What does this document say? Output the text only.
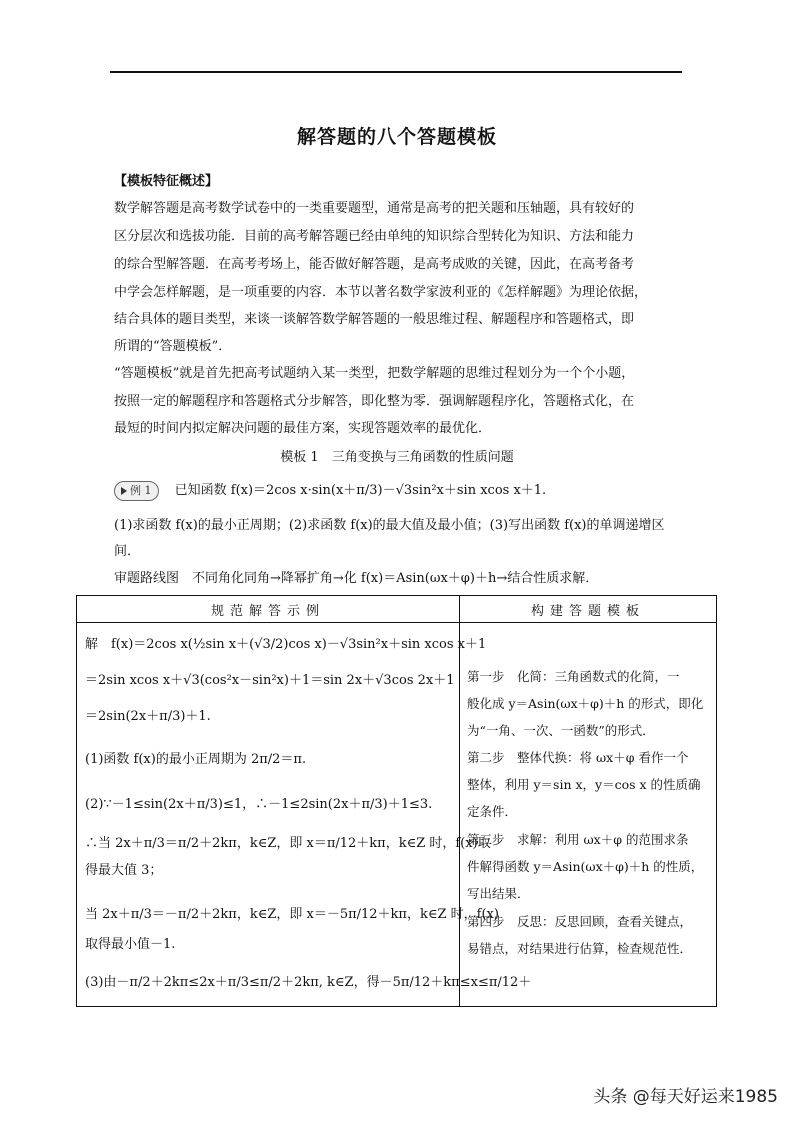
解答题的八个答题模板
【模板特征概述】
数学解答题是高考数学试卷中的一类重要题型，通常是高考的把关题和压轴题，具有较好的
区分层次和选拔功能．目前的高考解答题已经由单纯的知识综合型转化为知识、方法和能力
的综合型解答题．在高考考场上，能否做好解答题，是高考成败的关键，因此，在高考备考
中学会怎样解题，是一项重要的内容．本节以著名数学家波利亚的《怎样解题》为理论依据，
结合具体的题目类型，来谈一谈解答数学解答题的一般思维过程、解题程序和答题格式，即
所谓的“答题模板”．
“答题模板”就是首先把高考试题纳入某一类型，把数学解题的思维过程划分为一个个小题，
按照一定的解题程序和答题格式分步解答，即化整为零．强调解题程序化，答题格式化，在
最短的时间内拟定解决问题的最佳方案，实现答题效率的最优化．
模板 1　三角变换与三角函数的性质问题
例 1 已知函数 f(x)＝2cos x·sin(x＋π/3)－√3sin²x＋sin xcos x＋1.
(1)求函数 f(x)的最小正周期；(2)求函数 f(x)的最大值及最小值；(3)写出函数 f(x)的单调递增区
间．
审题路线图　不同角化同角→降幂扩角→化 f(x)＝Asin(ωx＋φ)＋h→结合性质求解．
规范解答示例	构建答题模板
解　f(x)＝2cos x(½sin x＋(√3/2)cos x)－√3sin²x＋sin xcos x＋1
＝2sin xcos x＋√3(cos²x－sin²x)＋1＝sin 2x＋√3cos 2x＋1
＝2sin(2x＋π/3)＋1.
(1)函数 f(x)的最小正周期为 2π/2＝π.
(2)∵－1≤sin(2x＋π/3)≤1，∴－1≤2sin(2x＋π/3)＋1≤3.
∴当 2x＋π/3＝π/2＋2kπ，k∈Z，即 x＝π/12＋kπ，k∈Z 时，f(x)取
得最大值 3；
当 2x＋π/3＝－π/2＋2kπ，k∈Z，即 x＝－5π/12＋kπ，k∈Z 时，f(x)
取得最小值－1.
(3)由－π/2＋2kπ≤2x＋π/3≤π/2＋2kπ, k∈Z，得－5π/12＋kπ≤x≤π/12＋
第一步　化简：三角函数式的化简，一
般化成 y＝Asin(ωx＋φ)＋h 的形式，即化
为“一角、一次、一函数”的形式．
第二步　整体代换：将 ωx＋φ 看作一个
整体，利用 y＝sin x，y＝cos x 的性质确
定条件．
第三步　求解：利用 ωx＋φ 的范围求条
件解得函数 y＝Asin(ωx＋φ)＋h 的性质，
写出结果．
第四步　反思：反思回顾，查看关键点，
易错点，对结果进行估算，检查规范性．
头条 @每天好运来1985
